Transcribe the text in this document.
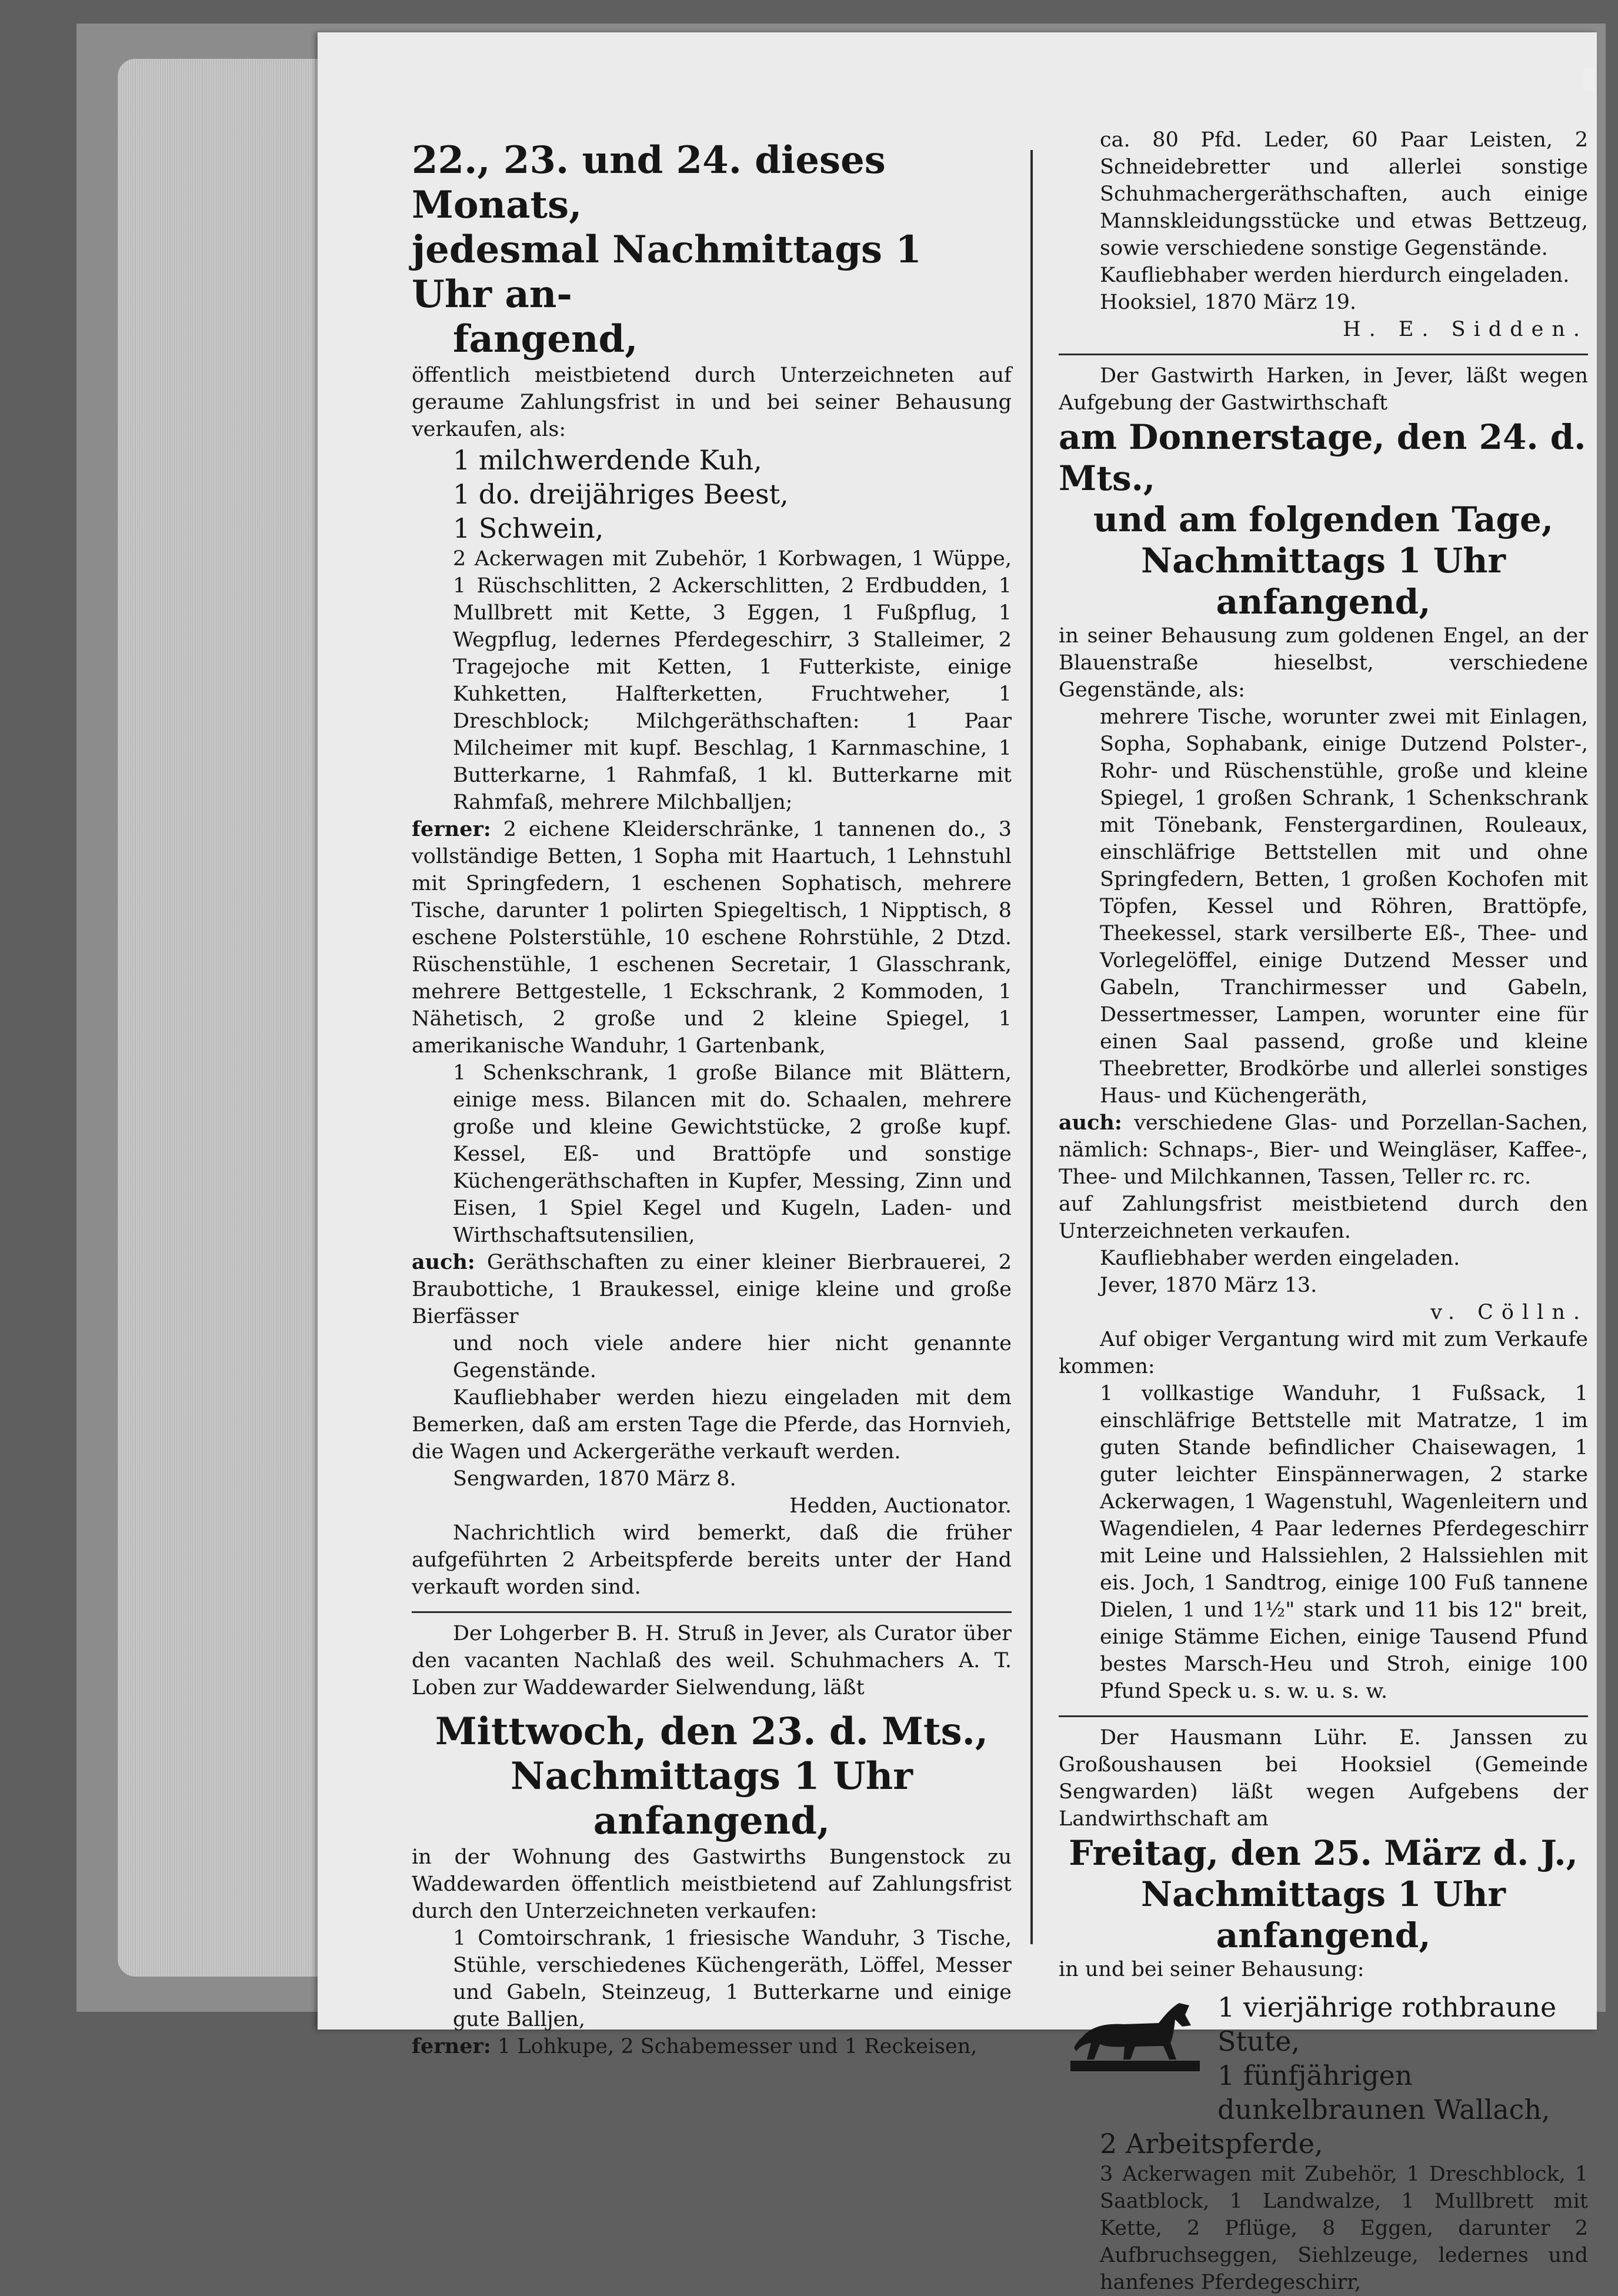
22., 23. und 24. dieses Monats,

jedesmal Nachmittags 1 Uhr an-

fangend,

öffentlich meistbietend durch Unterzeichneten auf geraume Zahlungsfrist in und bei seiner Behausung verkaufen, als:

1 milchwerdende Kuh,

1 do. dreijähriges Beest,

1 Schwein,

2 Ackerwagen mit Zubehör, 1 Korbwagen, 1 Wüppe, 1 Rüschschlitten, 2 Ackerschlitten, 2 Erdbudden, 1 Mullbrett mit Kette, 3 Eggen, 1 Fußpflug, 1 Wegpflug, ledernes Pferdegeschirr, 3 Stalleimer, 2 Tragejoche mit Ketten, 1 Futterkiste, einige Kuhketten, Halfterketten, Fruchtweher, 1 Dreschblock; Milchgeräthschaften: 1 Paar Milcheimer mit kupf. Beschlag, 1 Karnmaschine, 1 Butterkarne, 1 Rahmfaß, 1 kl. Butterkarne mit Rahmfaß, mehrere Milchballjen;

ferner: 2 eichene Kleiderschränke, 1 tannenen do., 3 vollständige Betten, 1 Sopha mit Haartuch, 1 Lehnstuhl mit Springfedern, 1 eschenen Sophatisch, mehrere Tische, darunter 1 polirten Spiegeltisch, 1 Nipptisch, 8 eschene Polsterstühle, 10 eschene Rohrstühle, 2 Dtzd. Rüschenstühle, 1 eschenen Secretair, 1 Glasschrank, mehrere Bettgestelle, 1 Eckschrank, 2 Kommoden, 1 Nähetisch, 2 große und 2 kleine Spiegel, 1 amerikanische Wanduhr, 1 Gartenbank,

1 Schenkschrank, 1 große Bilance mit Blättern, einige mess. Bilancen mit do. Schaalen, mehrere große und kleine Gewichtstücke, 2 große kupf. Kessel, Eß- und Brattöpfe und sonstige Küchengeräthschaften in Kupfer, Messing, Zinn und Eisen, 1 Spiel Kegel und Kugeln, Laden- und Wirthschaftsutensilien,

auch: Geräthschaften zu einer kleiner Bierbrauerei, 2 Braubottiche, 1 Braukessel, einige kleine und große Bierfässer

und noch viele andere hier nicht genannte Gegenstände.

Kaufliebhaber werden hiezu eingeladen mit dem Bemerken, daß am ersten Tage die Pferde, das Hornvieh, die Wagen und Ackergeräthe verkauft werden.

Sengwarden, 1870 März 8.

Hedden, Auctionator.

Nachrichtlich wird bemerkt, daß die früher aufgeführten 2 Arbeitspferde bereits unter der Hand verkauft worden sind.

Der Lohgerber B. H. Struß in Jever, als Curator über den vacanten Nachlaß des weil. Schuhmachers A. T. Loben zur Waddewarder Sielwendung, läßt

Mittwoch, den 23. d. Mts.,

Nachmittags 1 Uhr anfangend,

in der Wohnung des Gastwirths Bungenstock zu Waddewarden öffentlich meistbietend auf Zahlungsfrist durch den Unterzeichneten verkaufen:

1 Comtoirschrank, 1 friesische Wanduhr, 3 Tische, Stühle, verschiedenes Küchengeräth, Löffel, Messer und Gabeln, Steinzeug, 1 Butterkarne und einige gute Balljen,

ferner: 1 Lohkupe, 2 Schabemesser und 1 Reckeisen,

ca. 80 Pfd. Leder, 60 Paar Leisten, 2 Schneidebretter und allerlei sonstige Schuhmachergeräthschaften, auch einige Mannskleidungsstücke und etwas Bettzeug, sowie verschiedene sonstige Gegenstände.

Kaufliebhaber werden hierdurch eingeladen.

Hooksiel, 1870 März 19.

H. E. Sidden.

Der Gastwirth Harken, in Jever, läßt wegen Aufgebung der Gastwirthschaft

am Donnerstage, den 24. d. Mts.,

und am folgenden Tage,

Nachmittags 1 Uhr anfangend,

in seiner Behausung zum goldenen Engel, an der Blauenstraße hieselbst, verschiedene Gegenstände, als:

mehrere Tische, worunter zwei mit Einlagen, Sopha, Sophabank, einige Dutzend Polster-, Rohr- und Rüschenstühle, große und kleine Spiegel, 1 großen Schrank, 1 Schenkschrank mit Tönebank, Fenstergardinen, Rouleaux, einschläfrige Bettstellen mit und ohne Springfedern, Betten, 1 großen Kochofen mit Töpfen, Kessel und Röhren, Brattöpfe, Theekessel, stark versilberte Eß-, Thee- und Vorlegelöffel, einige Dutzend Messer und Gabeln, Tranchirmesser und Gabeln, Dessertmesser, Lampen, worunter eine für einen Saal passend, große und kleine Theebretter, Brodkörbe und allerlei sonstiges Haus- und Küchengeräth,

auch: verschiedene Glas- und Porzellan-Sachen, nämlich: Schnaps-, Bier- und Weingläser, Kaffee-, Thee- und Milchkannen, Tassen, Teller rc. rc.

auf Zahlungsfrist meistbietend durch den Unterzeichneten verkaufen.

Kaufliebhaber werden eingeladen.

Jever, 1870 März 13.

v. Cölln.

Auf obiger Vergantung wird mit zum Verkaufe kommen:

1 vollkastige Wanduhr, 1 Fußsack, 1 einschläfrige Bettstelle mit Matratze, 1 im guten Stande befindlicher Chaisewagen, 1 guter leichter Einspännerwagen, 2 starke Ackerwagen, 1 Wagenstuhl, Wagenleitern und Wagendielen, 4 Paar ledernes Pferdegeschirr mit Leine und Halssiehlen, 2 Halssiehlen mit eis. Joch, 1 Sandtrog, einige 100 Fuß tannene Dielen, 1 und 1½" stark und 11 bis 12" breit, einige Stämme Eichen, einige Tausend Pfund bestes Marsch-Heu und Stroh, einige 100 Pfund Speck u. s. w. u. s. w.

Der Hausmann Lühr. E. Janssen zu Großoushausen bei Hooksiel (Gemeinde Sengwarden) läßt wegen Aufgebens der Landwirthschaft am

Freitag, den 25. März d. J.,

Nachmittags 1 Uhr anfangend,

in und bei seiner Behausung:

1 vierjährige rothbraune Stute,

1 fünfjährigen dunkelbraunen Wallach,

2 Arbeitspferde,

3 Ackerwagen mit Zubehör, 1 Dreschblock, 1 Saatblock, 1 Landwalze, 1 Mullbrett mit Kette, 2 Pflüge, 8 Eggen, darunter 2 Aufbruchseggen, Siehlzeuge, ledernes und hanfenes Pferdegeschirr,
